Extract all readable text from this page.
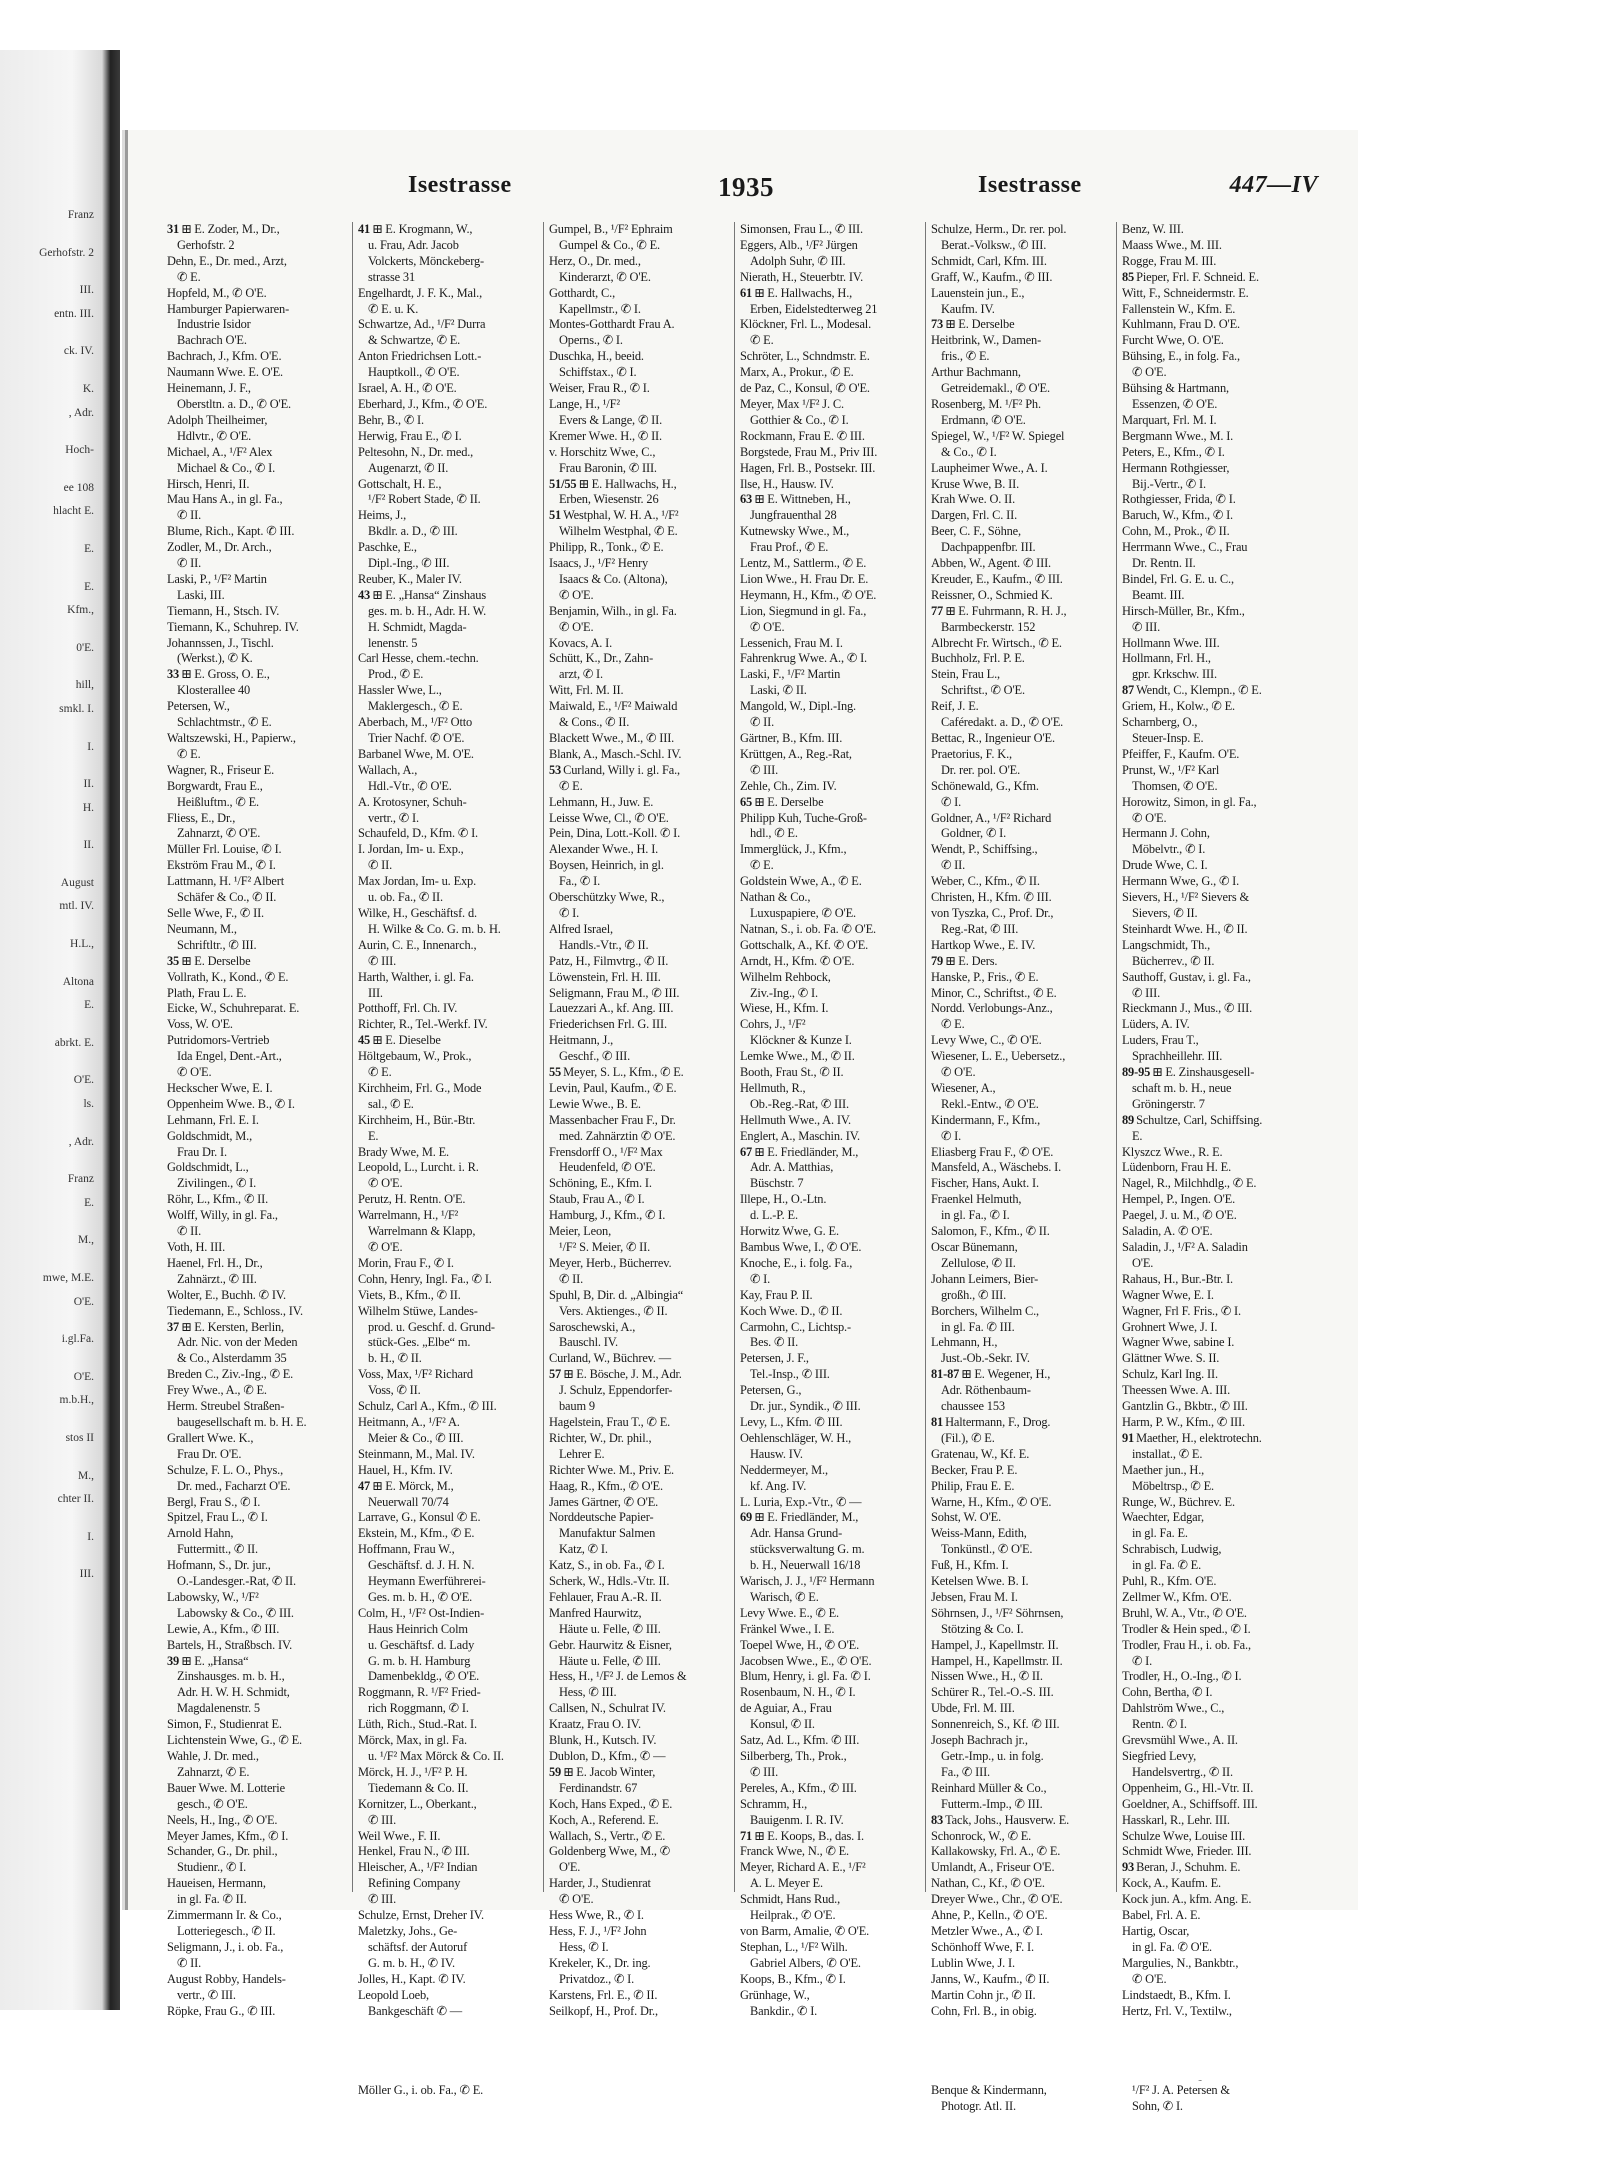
Franz
Gerhofstr. 2
III.
entn. III.
ck. IV.
K.
, Adr.
Hoch-
ee 108
hlacht E.
E.
E.
Kfm.,
0'E.
hill,
smkl. I.
I.
II.
H.
II.
August
mtl. IV.
H.L.,
Altona
E.
abrkt. E.
O'E.
ls.
, Adr.
Franz
E.
M.,
mwe, M.E.
O'E.
i.gl.Fa.
O'E.
m.b.H.,
stos II
M.,
chter II.
I.
III.
Isestrasse	1935	Isestrasse	447—IV
31 ⊞ E. Zoder, M., Dr.,
Gerhofstr. 2
Dehn, E., Dr. med., Arzt,
✆ E.
Hopfeld, M., ✆ O'E.
Hamburger Papierwaren-
Industrie Isidor
Bachrach O'E.
Bachrach, J., Kfm. O'E.
Naumann Wwe. E. O'E.
Heinemann, J. F.,
Oberstltn. a. D., ✆ O'E.
Adolph Theilheimer,
Hdlvtr., ✆ O'E.
Michael, A., ¹/F² Alex
Michael & Co., ✆ I.
Hirsch, Henri, II.
Mau Hans A., in gl. Fa.,
✆ II.
Blume, Rich., Kapt. ✆ III.
Zodler, M., Dr. Arch.,
✆ II.
Laski, P., ¹/F² Martin
Laski, III.
Tiemann, H., Stsch. IV.
Tiemann, K., Schuhrep. IV.
Johannssen, J., Tischl.
(Werkst.), ✆ K.
33 ⊞ E. Gross, O. E.,
Klosterallee 40
Petersen, W.,
Schlachtmstr., ✆ E.
Waltszewski, H., Papierw.,
✆ E.
Wagner, R., Friseur E.
Borgwardt, Frau E.,
Heißluftm., ✆ E.
Fliess, E., Dr.,
Zahnarzt, ✆ O'E.
Müller Frl. Louise, ✆ I.
Ekström Frau M., ✆ I.
Lattmann, H. ¹/F² Albert
Schäfer & Co., ✆ II.
Selle Wwe, F., ✆ II.
Neumann, M.,
Schriftltr., ✆ III.
35 ⊞ E. Derselbe
Vollrath, K., Kond., ✆ E.
Plath, Frau L. E.
Eicke, W., Schuhreparat. E.
Voss, W. O'E.
Putridomors-Vertrieb
Ida Engel, Dent.-Art.,
✆ O'E.
Heckscher Wwe, E. I.
Oppenheim Wwe. B., ✆ I.
Lehmann, Frl. E. I.
Goldschmidt, M.,
Frau Dr. I.
Goldschmidt, L.,
Zivilingen., ✆ I.
Röhr, L., Kfm., ✆ II.
Wolff, Willy, in gl. Fa.,
✆ II.
Voth, H. III.
Haenel, Frl. H., Dr.,
Zahnärzt., ✆ III.
Wolter, E., Buchh. ✆ IV.
Tiedemann, E., Schloss., IV.
37 ⊞ E. Kersten, Berlin,
Adr. Nic. von der Meden
& Co., Alsterdamm 35
Breden C., Ziv.-Ing., ✆ E.
Frey Wwe., A., ✆ E.
Herm. Streubel Straßen-
baugesellschaft m. b. H. E.
Grallert Wwe. K.,
Frau Dr. O'E.
Schulze, F. L. O., Phys.,
Dr. med., Facharzt O'E.
Bergl, Frau S., ✆ I.
Spitzel, Frau L., ✆ I.
Arnold Hahn,
Futtermitt., ✆ II.
Hofmann, S., Dr. jur.,
O.-Landesger.-Rat, ✆ II.
Labowsky, W., ¹/F²
Labowsky & Co., ✆ III.
Lewie, A., Kfm., ✆ III.
Bartels, H., Straßbsch. IV.
39 ⊞ E. „Hansa“
Zinshausges. m. b. H.,
Adr. H. W. H. Schmidt,
Magdalenenstr. 5
Simon, F., Studienrat E.
Lichtenstein Wwe, G., ✆ E.
Wahle, J. Dr. med.,
Zahnarzt, ✆ E.
Bauer Wwe. M. Lotterie
gesch., ✆ O'E.
Neels, H., Ing., ✆ O'E.
Meyer James, Kfm., ✆ I.
Schander, G., Dr. phil.,
Studienr., ✆ I.
Haueisen, Hermann,
in gl. Fa. ✆ II.
Zimmermann Ir. & Co.,
Lotteriegesch., ✆ II.
Seligmann, J., i. ob. Fa.,
✆ II.
August Robby, Handels-
vertr., ✆ III.
Röpke, Frau G., ✆ III.
41 ⊞ E. Krogmann, W.,
u. Frau, Adr. Jacob
Volckerts, Mönckeberg-
strasse 31
Engelhardt, J. F. K., Mal.,
✆ E. u. K.
Schwartze, Ad., ¹/F² Durra
& Schwartze, ✆ E.
Anton Friedrichsen Lott.-
Hauptkoll., ✆ O'E.
Israel, A. H., ✆ O'E.
Eberhard, J., Kfm., ✆ O'E.
Behr, B., ✆ I.
Herwig, Frau E., ✆ I.
Peltesohn, N., Dr. med.,
Augenarzt, ✆ II.
Gottschalt, H. E.,
¹/F² Robert Stade, ✆ II.
Heims, J.,
Bkdlr. a. D., ✆ III.
Paschke, E.,
Dipl.-Ing., ✆ III.
Reuber, K., Maler IV.
43 ⊞ E. „Hansa“ Zinshaus
ges. m. b. H., Adr. H. W.
H. Schmidt, Magda-
lenenstr. 5
Carl Hesse, chem.-techn.
Prod., ✆ E.
Hassler Wwe, L.,
Maklergesch., ✆ E.
Aberbach, M., ¹/F² Otto
Trier Nachf. ✆ O'E.
Barbanel Wwe, M. O'E.
Wallach, A.,
Hdl.-Vtr., ✆ O'E.
A. Krotosyner, Schuh-
vertr., ✆ I.
Schaufeld, D., Kfm. ✆ I.
I. Jordan, Im- u. Exp.,
✆ II.
Max Jordan, Im- u. Exp.
u. ob. Fa., ✆ II.
Wilke, H., Geschäftsf. d.
H. Wilke & Co. G. m. b. H.
Aurin, C. E., Innenarch.,
✆ III.
Harth, Walther, i. gl. Fa.
III.
Potthoff, Frl. Ch. IV.
Richter, R., Tel.-Werkf. IV.
45 ⊞ E. Dieselbe
Höltgebaum, W., Prok.,
✆ E.
Kirchheim, Frl. G., Mode
sal., ✆ E.
Kirchheim, H., Bür.-Btr.
E.
Brady Wwe, M. E.
Leopold, L., Lurcht. i. R.
✆ O'E.
Perutz, H. Rentn. O'E.
Warrelmann, H., ¹/F²
Warrelmann & Klapp,
✆ O'E.
Morin, Frau F., ✆ I.
Cohn, Henry, Ingl. Fa., ✆ I.
Viets, B., Kfm., ✆ II.
Wilhelm Stüwe, Landes-
prod. u. Geschf. d. Grund-
stück-Ges. „Elbe“ m.
b. H., ✆ II.
Voss, Max, ¹/F² Richard
Voss, ✆ II.
Schulz, Carl A., Kfm., ✆ III.
Heitmann, A., ¹/F² A.
Meier & Co., ✆ III.
Steinmann, M., Mal. IV.
Hauel, H., Kfm. IV.
47 ⊞ E. Mörck, M.,
Neuerwall 70/74
Larrave, G., Konsul ✆ E.
Ekstein, M., Kfm., ✆ E.
Hoffmann, Frau W.,
Geschäftsf. d. J. H. N.
Heymann Ewerführerei-
Ges. m. b. H., ✆ O'E.
Colm, H., ¹/F² Ost-Indien-
Haus Heinrich Colm
u. Geschäftsf. d. Lady
G. m. b. H. Hamburg
Damenbekldg., ✆ O'E.
Roggmann, R. ¹/F² Fried-
rich Roggmann, ✆ I.
Lüth, Rich., Stud.-Rat. I.
Mörck, Max, in gl. Fa.
u. ¹/F² Max Mörck & Co. II.
Mörck, H. J., ¹/F² P. H.
Tiedemann & Co. II.
Kornitzer, L., Oberkant.,
✆ III.
Weil Wwe., F. II.
Henkel, Frau N., ✆ III.
Hleischer, A., ¹/F² Indian
Refining Company
✆ III.
Schulze, Ernst, Dreher IV.
Maletzky, Johs., Ge-
schäftsf. der Autoruf
G. m. b. H., ✆ IV.
Jolles, H., Kapt. ✆ IV.
Leopold Loeb,
Bankgeschäft ✆ —
Möller G., i. ob. Fa., ✆ E.
Gumpel, B., ¹/F² Ephraim
Gumpel & Co., ✆ E.
Herz, O., Dr. med.,
Kinderarzt, ✆ O'E.
Gotthardt, C.,
Kapellmstr., ✆ I.
Montes-Gotthardt Frau A.
Operns., ✆ I.
Duschka, H., beeid.
Schiffstax., ✆ I.
Weiser, Frau R., ✆ I.
Lange, H., ¹/F²
Evers & Lange, ✆ II.
Kremer Wwe. H., ✆ II.
v. Horschitz Wwe, C.,
Frau Baronin, ✆ III.
51/55 ⊞ E. Hallwachs, H.,
Erben, Wiesenstr. 26
51 Westphal, W. H. A., ¹/F²
Wilhelm Westphal, ✆ E.
Philipp, R., Tonk., ✆ E.
Isaacs, J., ¹/F² Henry
Isaacs & Co. (Altona),
✆ O'E.
Benjamin, Wilh., in gl. Fa.
✆ O'E.
Kovacs, A. I.
Schütt, K., Dr., Zahn-
arzt, ✆ I.
Witt, Frl. M. II.
Maiwald, E., ¹/F² Maiwald
& Cons., ✆ II.
Blackett Wwe., M., ✆ III.
Blank, A., Masch.-Schl. IV.
53 Curland, Willy i. gl. Fa.,
✆ E.
Lehmann, H., Juw. E.
Leisse Wwe, Cl., ✆ O'E.
Pein, Dina, Lott.-Koll. ✆ I.
Alexander Wwe., H. I.
Boysen, Heinrich, in gl.
Fa., ✆ I.
Oberschützky Wwe, R.,
✆ I.
Alfred Israel,
Handls.-Vtr., ✆ II.
Patz, H., Filmvtrg., ✆ II.
Löwenstein, Frl. H. III.
Seligmann, Frau M., ✆ III.
Lauezzari A., kf. Ang. III.
Friederichsen Frl. G. III.
Heitmann, J.,
Geschf., ✆ III.
55 Meyer, S. L., Kfm., ✆ E.
Levin, Paul, Kaufm., ✆ E.
Lewie Wwe., B. E.
Massenbacher Frau F., Dr.
med. Zahnärztin ✆ O'E.
Frensdorff O., ¹/F² Max
Heudenfeld, ✆ O'E.
Schöning, E., Kfm. I.
Staub, Frau A., ✆ I.
Hamburg, J., Kfm., ✆ I.
Meier, Leon,
¹/F² S. Meier, ✆ II.
Meyer, Herb., Bücherrev.
✆ II.
Spuhl, B, Dir. d. „Albingia“
Vers. Aktienges., ✆ II.
Saroschewski, A.,
Bauschl. IV.
Curland, W., Büchrev. —
57 ⊞ E. Bösche, J. M., Adr.
J. Schulz, Eppendorfer-
baum 9
Hagelstein, Frau T., ✆ E.
Richter, W., Dr. phil.,
Lehrer E.
Richter Wwe. M., Priv. E.
Haag, R., Kfm., ✆ O'E.
James Gärtner, ✆ O'E.
Norddeutsche Papier-
Manufaktur Salmen
Katz, ✆ I.
Katz, S., in ob. Fa., ✆ I.
Scherk, W., Hdls.-Vtr. II.
Fehlauer, Frau A.-R. II.
Manfred Haurwitz,
Häute u. Felle, ✆ III.
Gebr. Haurwitz & Eisner,
Häute u. Felle, ✆ III.
Hess, H., ¹/F² J. de Lemos &
Hess, ✆ III.
Callsen, N., Schulrat IV.
Kraatz, Frau O. IV.
Blunk, H., Kutsch. IV.
Dublon, D., Kfm., ✆ —
59 ⊞ E. Jacob Winter,
Ferdinandstr. 67
Koch, Hans Exped., ✆ E.
Koch, A., Referend. E.
Wallach, S., Vertr., ✆ E.
Goldenberg Wwe, M., ✆
O'E.
Harder, J., Studienrat
✆ O'E.
Hess Wwe, R., ✆ I.
Hess, F. J., ¹/F² John
Hess, ✆ I.
Krekeler, K., Dr. ing.
Privatdoz., ✆ I.
Karstens, Frl. E., ✆ II.
Seilkopf, H., Prof. Dr.,
Simonsen, Frau L., ✆ III.
Eggers, Alb., ¹/F² Jürgen
Adolph Suhr, ✆ III.
Nierath, H., Steuerbtr. IV.
61 ⊞ E. Hallwachs, H.,
Erben, Eidelstedterweg 21
Klöckner, Frl. L., Modesal.
✆ E.
Schröter, L., Schndmstr. E.
Marx, A., Prokur., ✆ E.
de Paz, C., Konsul, ✆ O'E.
Meyer, Max ¹/F² J. C.
Gotthier & Co., ✆ I.
Rockmann, Frau E. ✆ III.
Borgstede, Frau M., Priv III.
Hagen, Frl. B., Postsekr. III.
Ilse, H., Hausw. IV.
63 ⊞ E. Wittneben, H.,
Jungfrauenthal 28
Kutnewsky Wwe., M.,
Frau Prof., ✆ E.
Lentz, M., Sattlerm., ✆ E.
Lion Wwe., H. Frau Dr. E.
Heymann, H., Kfm., ✆ O'E.
Lion, Siegmund in gl. Fa.,
✆ O'E.
Lessenich, Frau M. I.
Fahrenkrug Wwe. A., ✆ I.
Laski, F., ¹/F² Martin
Laski, ✆ II.
Mangold, W., Dipl.-Ing.
✆ II.
Gärtner, B., Kfm. III.
Krüttgen, A., Reg.-Rat,
✆ III.
Zehle, Ch., Zim. IV.
65 ⊞ E. Derselbe
Philipp Kuh, Tuche-Groß-
hdl., ✆ E.
Immerglück, J., Kfm.,
✆ E.
Goldstein Wwe, A., ✆ E.
Nathan & Co.,
Luxuspapiere, ✆ O'E.
Natnan, S., i. ob. Fa. ✆ O'E.
Gottschalk, A., Kf. ✆ O'E.
Arndt, H., Kfm. ✆ O'E.
Wilhelm Rehbock,
Ziv.-Ing., ✆ I.
Wiese, H., Kfm. I.
Cohrs, J., ¹/F²
Klöckner & Kunze I.
Lemke Wwe., M., ✆ II.
Booth, Frau St., ✆ II.
Hellmuth, R.,
Ob.-Reg.-Rat, ✆ III.
Hellmuth Wwe., A. IV.
Englert, A., Maschin. IV.
67 ⊞ E. Friedländer, M.,
Adr. A. Matthias,
Büschstr. 7
Illepe, H., O.-Ltn.
d. L.-P. E.
Horwitz Wwe, G. E.
Bambus Wwe, I., ✆ O'E.
Knoche, E., i. folg. Fa.,
✆ I.
Kay, Frau P. II.
Koch Wwe. D., ✆ II.
Carmohn, C., Lichtsp.-
Bes. ✆ II.
Petersen, J. F.,
Tel.-Insp., ✆ III.
Petersen, G.,
Dr. jur., Syndik., ✆ III.
Levy, L., Kfm. ✆ III.
Oehlenschläger, W. H.,
Hausw. IV.
Neddermeyer, M.,
kf. Ang. IV.
L. Luria, Exp.-Vtr., ✆ —
69 ⊞ E. Friedländer, M.,
Adr. Hansa Grund-
stücksverwaltung G. m.
b. H., Neuerwall 16/18
Warisch, J. J., ¹/F² Hermann
Warisch, ✆ E.
Levy Wwe. E., ✆ E.
Fränkel Wwe., I. E.
Toepel Wwe, H., ✆ O'E.
Jacobsen Wwe., E., ✆ O'E.
Blum, Henry, i. gl. Fa. ✆ I.
Rosenbaum, N. H., ✆ I.
de Aguiar, A., Frau
Konsul, ✆ II.
Satz, Ad. L., Kfm. ✆ III.
Silberberg, Th., Prok.,
✆ III.
Pereles, A., Kfm., ✆ III.
Schramm, H.,
Bauigenm. I. R. IV.
71 ⊞ E. Koops, B., das. I.
Franck Wwe, N., ✆ E.
Meyer, Richard A. E., ¹/F²
A. L. Meyer E.
Schmidt, Hans Rud.,
Heilprak., ✆ O'E.
von Barm, Amalie, ✆ O'E.
Stephan, L., ¹/F² Wilh.
Gabriel Albers, ✆ O'E.
Koops, B., Kfm., ✆ I.
Grünhage, W.,
Bankdir., ✆ I.
Schulze, Herm., Dr. rer. pol.
Berat.-Volksw., ✆ III.
Schmidt, Carl, Kfm. III.
Graff, W., Kaufm., ✆ III.
Lauenstein jun., E.,
Kaufm. IV.
73 ⊞ E. Derselbe
Heitbrink, W., Damen-
fris., ✆ E.
Arthur Bachmann,
Getreidemakl., ✆ O'E.
Rosenberg, M. ¹/F² Ph.
Erdmann, ✆ O'E.
Spiegel, W., ¹/F² W. Spiegel
& Co., ✆ I.
Laupheimer Wwe., A. I.
Kruse Wwe, B. II.
Krah Wwe. O. II.
Dargen, Frl. C. II.
Beer, C. F., Söhne,
Dachpappenfbr. III.
Abben, W., Agent. ✆ III.
Kreuder, E., Kaufm., ✆ III.
Reissner, O., Schmied K.
77 ⊞ E. Fuhrmann, R. H. J.,
Barmbeckerstr. 152
Albrecht Fr. Wirtsch., ✆ E.
Buchholz, Frl. P. E.
Stein, Frau L.,
Schriftst., ✆ O'E.
Reif, J. E.
Caféredakt. a. D., ✆ O'E.
Bettac, R., Ingenieur O'E.
Praetorius, F. K.,
Dr. rer. pol. O'E.
Schönewald, G., Kfm.
✆ I.
Goldner, A., ¹/F² Richard
Goldner, ✆ I.
Wendt, P., Schiffsing.,
✆ II.
Weber, C., Kfm., ✆ II.
Christen, H., Kfm. ✆ III.
von Tyszka, C., Prof. Dr.,
Reg.-Rat, ✆ III.
Hartkop Wwe., E. IV.
79 ⊞ E. Ders.
Hanske, P., Fris., ✆ E.
Minor, C., Schriftst., ✆ E.
Nordd. Verlobungs-Anz.,
✆ E.
Levy Wwe, C., ✆ O'E.
Wiesener, L. E., Uebersetz.,
✆ O'E.
Wiesener, A.,
Rekl.-Entw., ✆ O'E.
Kindermann, F., Kfm.,
✆ I.
Eliasberg Frau F., ✆ O'E.
Mansfeld, A., Wäschebs. I.
Fischer, Hans, Aukt. I.
Fraenkel Helmuth,
in gl. Fa., ✆ I.
Salomon, F., Kfm., ✆ II.
Oscar Bünemann,
Zellulose, ✆ II.
Johann Leimers, Bier-
großh., ✆ III.
Borchers, Wilhelm C.,
in gl. Fa. ✆ III.
Lehmann, H.,
Just.-Ob.-Sekr. IV.
81-87 ⊞ E. Wegener, H.,
Adr. Röthenbaum-
chaussee 153
81 Haltermann, F., Drog.
(Fil.), ✆ E.
Gratenau, W., Kf. E.
Becker, Frau P. E.
Philip, Frau E. E.
Warne, H., Kfm., ✆ O'E.
Sohst, W. O'E.
Weiss-Mann, Edith,
Tonkünstl., ✆ O'E.
Fuß, H., Kfm. I.
Ketelsen Wwe. B. I.
Jebsen, Frau M. I.
Söhrnsen, J., ¹/F² Söhrnsen,
Stötzing & Co. I.
Hampel, J., Kapellmstr. II.
Hampel, H., Kapellmstr. II.
Nissen Wwe., H., ✆ II.
Schürer R., Tel.-O.-S. III.
Ubde, Frl. M. III.
Sonnenreich, S., Kf. ✆ III.
Joseph Bachrach jr.,
Getr.-Imp., u. in folg.
Fa., ✆ III.
Reinhard Müller & Co.,
Futterm.-Imp., ✆ III.
83 Tack, Johs., Hausverw. E.
Schonrock, W., ✆ E.
Kallakowsky, Frl. A., ✆ E.
Umlandt, A., Friseur O'E.
Nathan, C., Kf., ✆ O'E.
Dreyer Wwe., Chr., ✆ O'E.
Ahne, P., Kelln., ✆ O'E.
Metzler Wwe., A., ✆ I.
Schönhoff Wwe, F. I.
Lublin Wwe, J. I.
Janns, W., Kaufm., ✆ II.
Martin Cohn jr., ✆ II.
Cohn, Frl. B., in obig.
Benque & Kindermann,
Photogr. Atl. II.
Benz, W. III.
Maass Wwe., M. III.
Rogge, Frau M. III.
85 Pieper, Frl. F. Schneid. E.
Witt, F., Schneidermstr. E.
Fallenstein W., Kfm. E.
Kuhlmann, Frau D. O'E.
Furcht Wwe, O. O'E.
Bühsing, E., in folg. Fa.,
✆ O'E.
Bühsing & Hartmann,
Essenzen, ✆ O'E.
Marquart, Frl. M. I.
Bergmann Wwe., M. I.
Peters, E., Kfm., ✆ I.
Hermann Rothgiesser,
Bij.-Vertr., ✆ I.
Rothgiesser, Frida, ✆ I.
Baruch, W., Kfm., ✆ I.
Cohn, M., Prok., ✆ II.
Herrmann Wwe., C., Frau
Dr. Rentn. II.
Bindel, Frl. G. E. u. C.,
Beamt. III.
Hirsch-Müller, Br., Kfm.,
✆ III.
Hollmann Wwe. III.
Hollmann, Frl. H.,
gpr. Krkschw. III.
87 Wendt, C., Klempn., ✆ E.
Griem, H., Kolw., ✆ E.
Scharnberg, O.,
Steuer-Insp. E.
Pfeiffer, F., Kaufm. O'E.
Prunst, W., ¹/F² Karl
Thomsen, ✆ O'E.
Horowitz, Simon, in gl. Fa.,
✆ O'E.
Hermann J. Cohn,
Möbelvtr., ✆ I.
Drude Wwe, C. I.
Hermann Wwe, G., ✆ I.
Sievers, H., ¹/F² Sievers &
Sievers, ✆ II.
Steinhardt Wwe. H., ✆ II.
Langschmidt, Th.,
Bücherrev., ✆ II.
Sauthoff, Gustav, i. gl. Fa.,
✆ III.
Rieckmann J., Mus., ✆ III.
Lüders, A. IV.
Luders, Frau T.,
Sprachheillehr. III.
89-95 ⊞ E. Zinshausgesell-
schaft m. b. H., neue
Gröningerstr. 7
89 Schultze, Carl, Schiffsing.
E.
Klyszcz Wwe., R. E.
Lüdenborn, Frau H. E.
Nagel, R., Milchhdlg., ✆ E.
Hempel, P., Ingen. O'E.
Paegel, J. u. M., ✆ O'E.
Saladin, A. ✆ O'E.
Saladin, J., ¹/F² A. Saladin
O'E.
Rahaus, H., Bur.-Btr. I.
Wagner Wwe, E. I.
Wagner, Frl F. Fris., ✆ I.
Grohnert Wwe, J. I.
Wagner Wwe, sabine I.
Glättner Wwe. S. II.
Schulz, Karl Ing. II.
Theessen Wwe. A. III.
Gantzlin G., Bkbtr., ✆ III.
Harm, P. W., Kfm., ✆ III.
91 Maether, H., elektrotechn.
installat., ✆ E.
Maether jun., H.,
Möbeltrsp., ✆ E.
Runge, W., Büchrev. E.
Waechter, Edgar,
in gl. Fa. E.
Schrabisch, Ludwig,
in gl. Fa. ✆ E.
Puhl, R., Kfm. O'E.
Zellmer W., Kfm. O'E.
Bruhl, W. A., Vtr., ✆ O'E.
Trodler & Hein sped., ✆ I.
Trodler, Frau H., i. ob. Fa.,
✆ I.
Trodler, H., O.-Ing., ✆ I.
Cohn, Bertha, ✆ I.
Dahlström Wwe., C.,
Rentn. ✆ I.
Grevsmühl Wwe., A. II.
Siegfried Levy,
Handelsvertrg., ✆ II.
Oppenheim, G., Hl.-Vtr. II.
Goeldner, A., Schiffsoff. III.
Hasskarl, R., Lehr. III.
Schulze Wwe, Louise III.
Schmidt Wwe, Frieder. III.
93 Beran, J., Schuhm. E.
Kock, A., Kaufm. E.
Kock jun. A., kfm. Ang. E.
Babel, Frl. A. E.
Hartig, Oscar,
in gl. Fa. ✆ O'E.
Margulies, N., Bankbtr.,
✆ O'E.
Lindstaedt, B., Kfm. I.
Hertz, Frl. V., Textilw.,
¹/F² J. A. Petersen &
Sohn, ✆ I.
